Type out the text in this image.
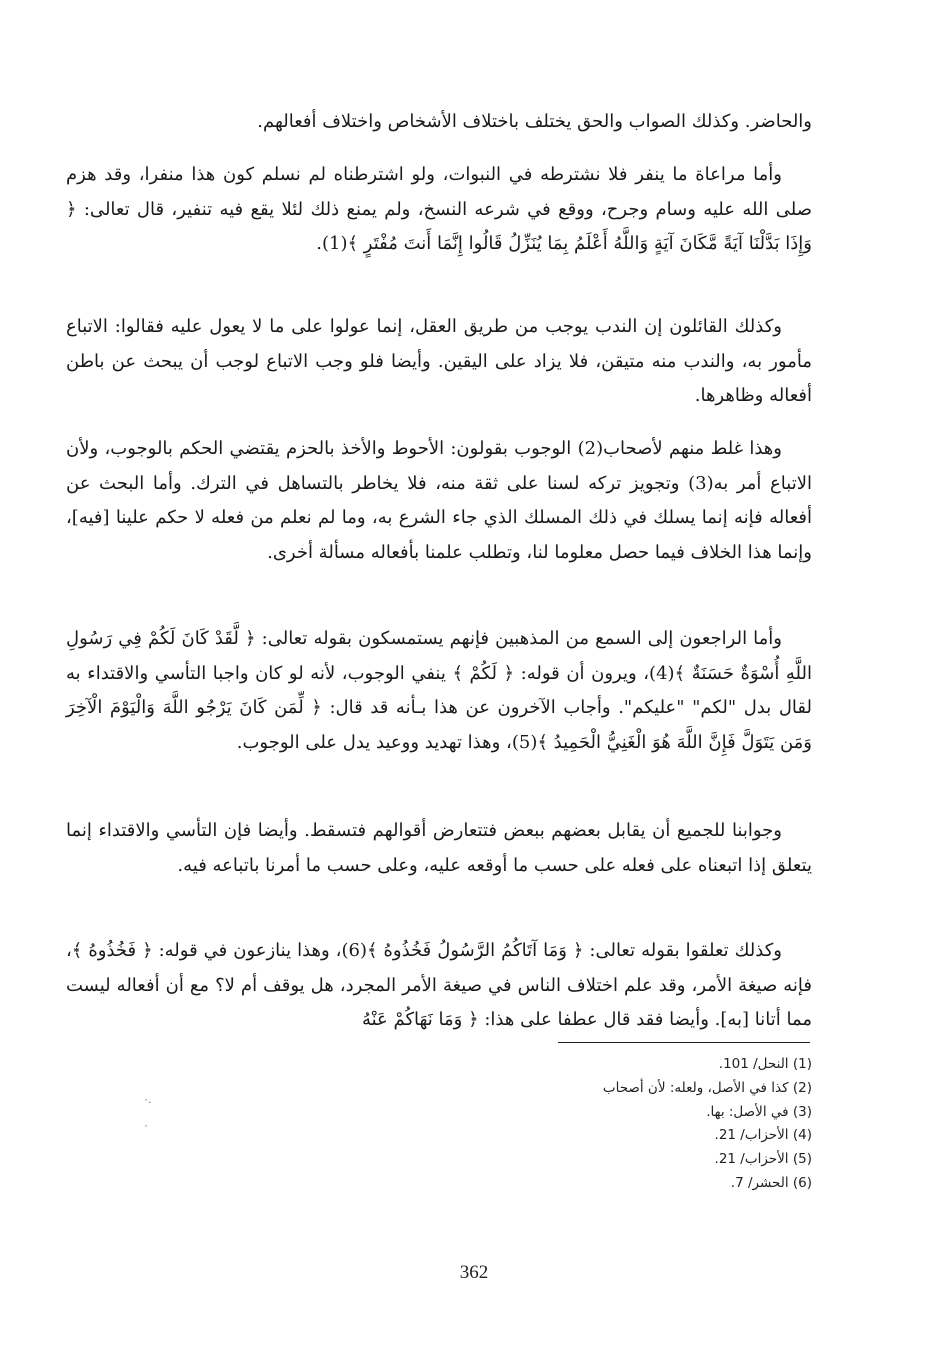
والحاضر. وكذلك الصواب والحق يختلف باختلاف الأشخاص واختلاف أفعالهم.

وأما مراعاة ما ينفر فلا نشترطه في النبوات، ولو اشترطناه لم نسلم كون هذا منفرا، وقد هزم صلى الله عليه وسام وجرح، ووقع في شرعه النسخ، ولم يمنع ذلك لئلا يقع فيه تنفير، قال تعالى: ﴿ وَإِذَا بَدَّلْنَا آيَةً مَّكَانَ آيَةٍ وَاللَّهُ أَعْلَمُ بِمَا يُنَزِّلُ قَالُوا إِنَّمَا أَنتَ مُفْتَرٍ ﴾(1).

وكذلك القائلون إن الندب يوجب من طريق العقل، إنما عولوا على ما لا يعول عليه فقالوا: الاتباع مأمور به، والندب منه متيقن، فلا يزاد على اليقين. وأيضا فلو وجب الاتباع لوجب أن يبحث عن باطن أفعاله وظاهرها.

وهذا غلط منهم لأصحاب(2) الوجوب بقولون: الأحوط والأخذ بالحزم يقتضي الحكم بالوجوب، ولأن الاتباع أمر به(3) وتجويز تركه لسنا على ثقة منه، فلا يخاطر بالتساهل في الترك. وأما البحث عن أفعاله فإنه إنما يسلك في ذلك المسلك الذي جاء الشرع به، وما لم نعلم من فعله لا حكم علينا [فيه]، وإنما هذا الخلاف فيما حصل معلوما لنا، وتطلب علمنا بأفعاله مسألة أخرى.

وأما الراجعون إلى السمع من المذهبين فإنهم يستمسكون بقوله تعالى: ﴿ لَّقَدْ كَانَ لَكُمْ فِي رَسُولِ اللَّهِ أُسْوَةٌ حَسَنَةٌ ﴾(4)، ويرون أن قوله: ﴿ لَكُمْ ﴾ ينفي الوجوب، لأنه لو كان واجبا التأسي والاقتداء به لقال بدل "لكم" "عليكم". وأجاب الآخرون عن هذا بـأنه قد قال: ﴿ لِّمَن كَانَ يَرْجُو اللَّهَ وَالْيَوْمَ الْآخِرَ وَمَن يَتَوَلَّ فَإِنَّ اللَّهَ هُوَ الْغَنِيُّ الْحَمِيدُ ﴾(5)، وهذا تهديد ووعيد يدل على الوجوب.

وجوابنا للجميع أن يقابل بعضهم ببعض فتتعارض أقوالهم فتسقط. وأيضا فإن التأسي والاقتداء إنما يتعلق إذا اتبعناه على فعله على حسب ما أوقعه عليه، وعلى حسب ما أمرنا باتباعه فيه.

وكذلك تعلقوا بقوله تعالى: ﴿ وَمَا آتَاكُمُ الرَّسُولُ فَخُذُوهُ ﴾(6)، وهذا ينازعون في قوله: ﴿ فَخُذُوهُ ﴾، فإنه صيغة الأمر، وقد علم اختلاف الناس في صيغة الأمر المجرد، هل يوقف أم لا؟ مع أن أفعاله ليست مما أتانا [به]. وأيضا فقد قال عطفا على هذا: ﴿ وَمَا نَهَاكُمْ عَنْهُ

(1) النحل/ 101.
(2) كذا في الأصل، ولعله: لأن أصحاب
(3) في الأصل: بها.
(4) الأحزاب/ 21.
(5) الأحزاب/ 21.
(6) الحشر/ 7.
·.
·
362
